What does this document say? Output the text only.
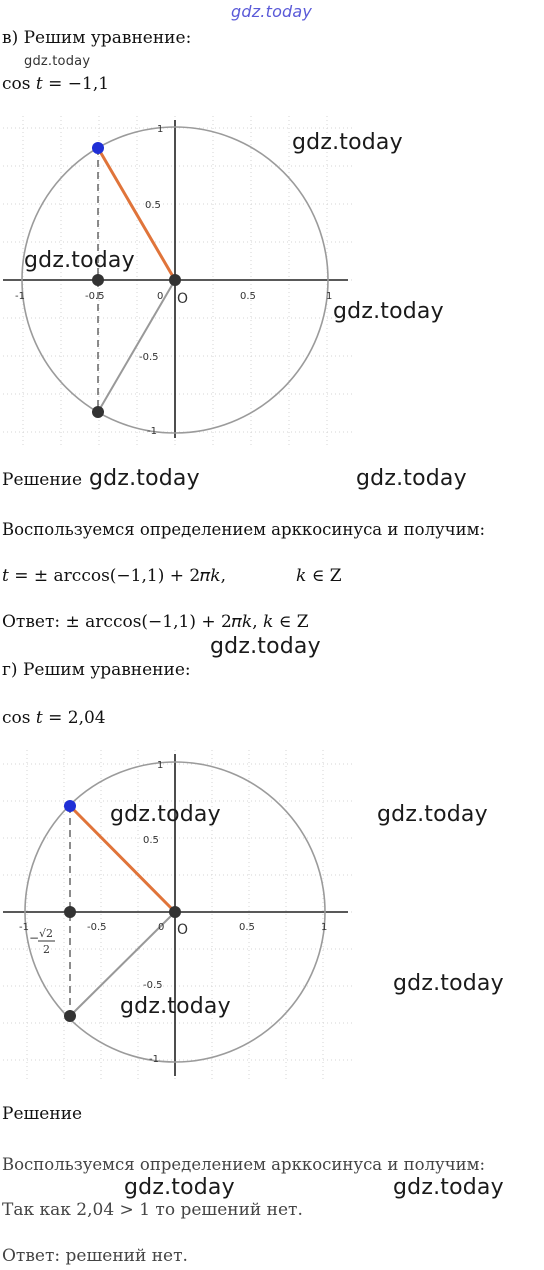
gdz.today
в) Решим уравнение:
gdz.today
cos 𝑡 = −1,1
-1	-0.5	0	0.5	1
1
0.5
-0.5
-1
O
gdz.today
gdz.today
gdz.today
Решение gdz.today	gdz.today
Воспользуемся определением арккосинуса и получим:
𝑡 = ± arccos(−1,1) + 2𝜋𝑘,	𝑘 ∈ Z
Ответ: ± arccos(−1,1) + 2𝜋𝑘, 𝑘 ∈ Z
gdz.today
г) Решим уравнение:
cos 𝑡 = 2,04
-1	-0.5	0	0.5	1
1
0.5
-0.5
-1
O
− √2
2
gdz.today	gdz.today
gdz.today
gdz.today
Решение
Воспользуемся определением арккосинуса и получим:
gdz.today	gdz.today
Так как 2,04 > 1 то решений нет.
Ответ: решений нет.
